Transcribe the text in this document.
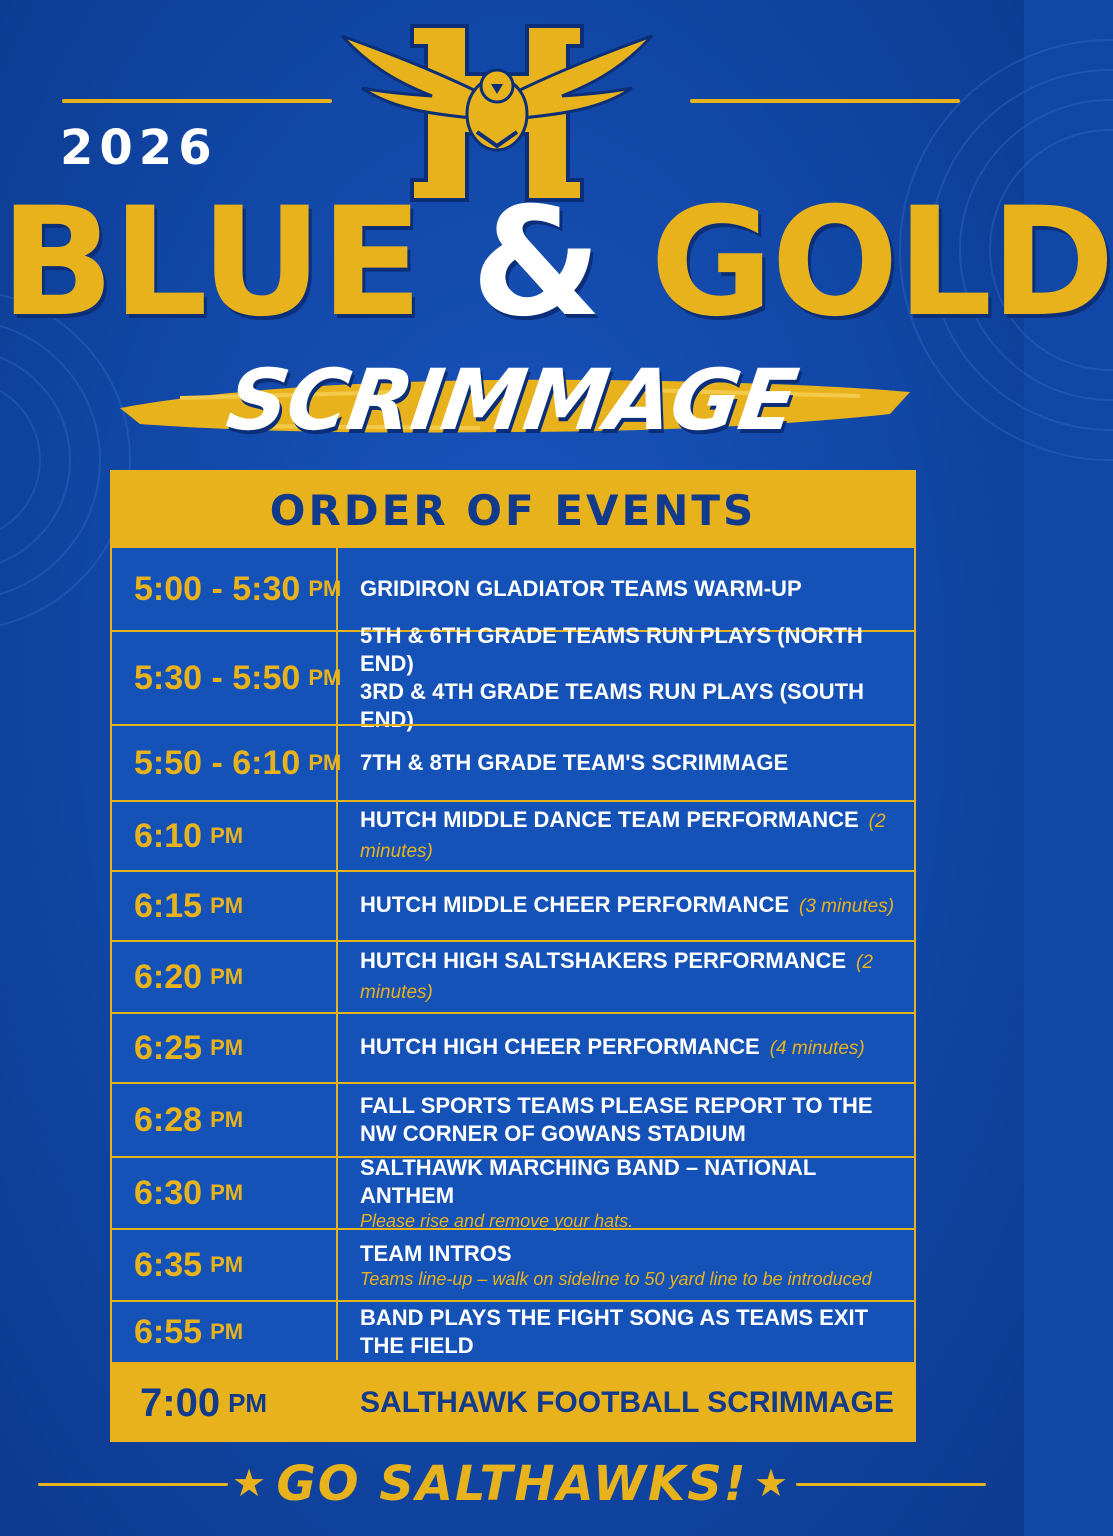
2026
BLUE & GOLD
SCRIMMAGE
ORDER OF EVENTS
5:00 - 5:30 PM GRIDIRON GLADIATOR TEAMS WARM-UP
5:30 - 5:50 PM
5TH & 6TH GRADE TEAMS RUN PLAYS (NORTH END)
3RD & 4TH GRADE TEAMS RUN PLAYS (SOUTH END)
5:50 - 6:10 PM 7TH & 8TH GRADE TEAM'S SCRIMMAGE
6:10 PM
HUTCH MIDDLE DANCE TEAM PERFORMANCE (2 minutes)
6:15 PM	HUTCH MIDDLE CHEER PERFORMANCE (3 minutes)
6:20 PM
HUTCH HIGH SALTSHAKERS PERFORMANCE (2 minutes)
6:25 PM	HUTCH HIGH CHEER PERFORMANCE (4 minutes)
6:28 PM
FALL SPORTS TEAMS PLEASE REPORT TO THE
NW CORNER OF GOWANS STADIUM
6:30 PM
SALTHAWK MARCHING BAND – NATIONAL ANTHEM
Please rise and remove your hats.
6:35 PM	TEAM INTROS
Teams line-up – walk on sideline to 50 yard line to be introduced
6:55 PM
BAND PLAYS THE FIGHT SONG AS TEAMS EXIT THE FIELD
7:00 PM	SALTHAWK FOOTBALL SCRIMMAGE
★	★
GO SALTHAWKS!
